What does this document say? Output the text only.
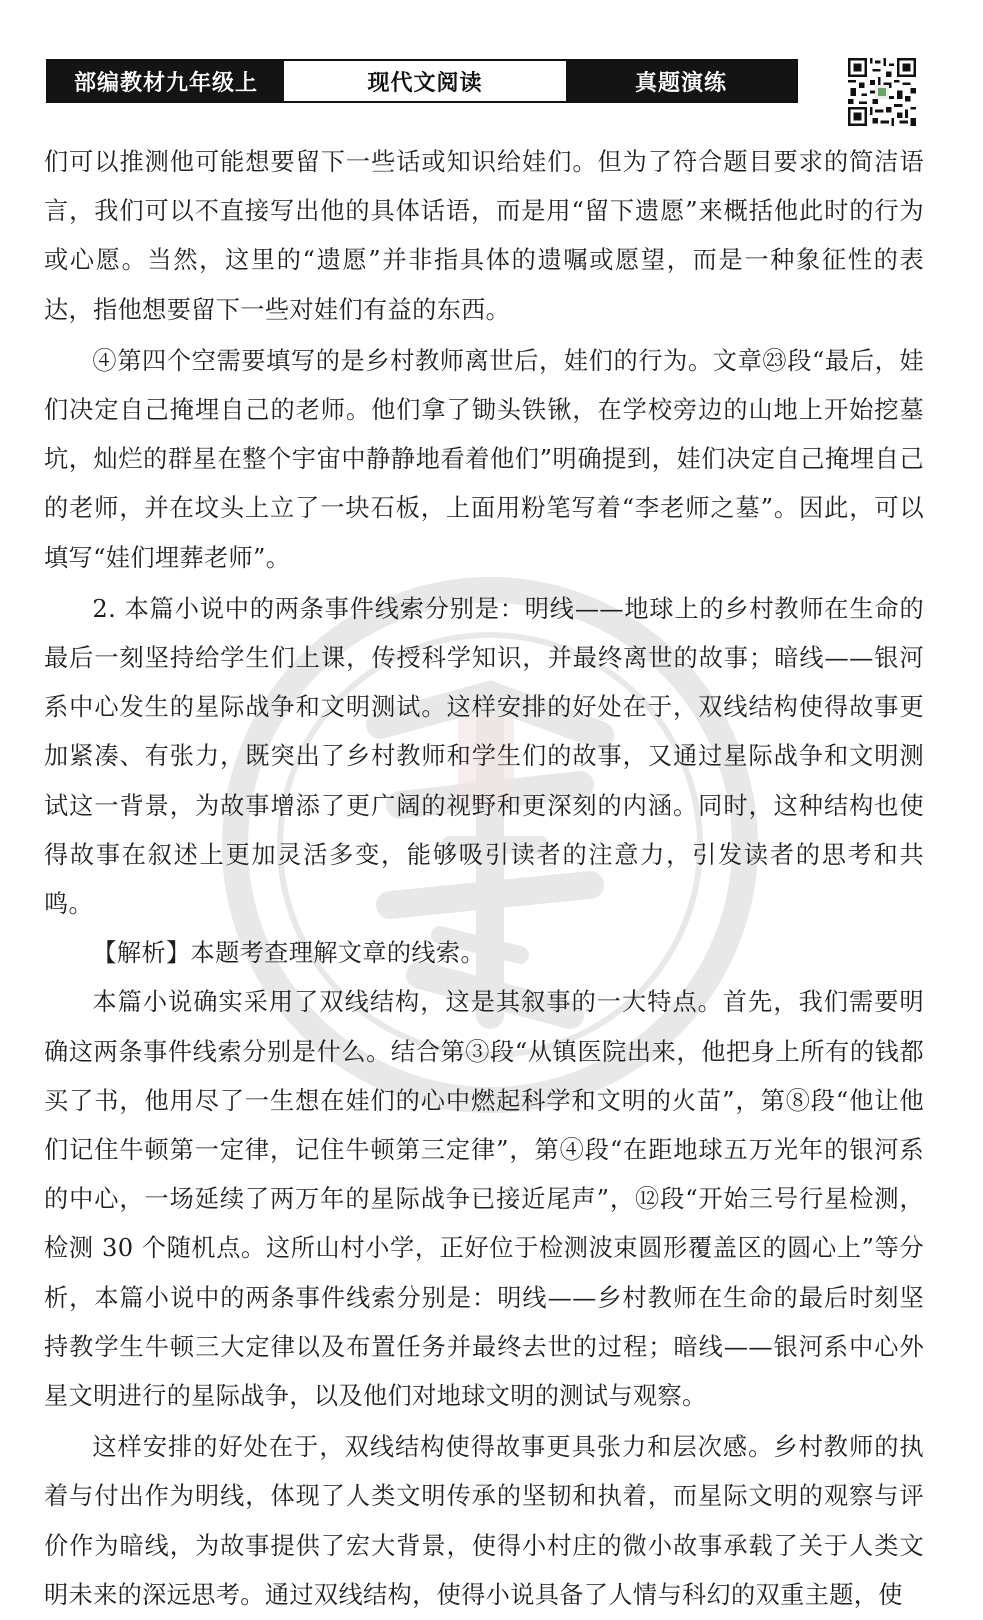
部编教材九年级上	现代文阅读	真题演练

们可以推测他可能想要留下一些话或知识给娃们。但为了符合题目要求的简洁语言，我们可以不直接写出他的具体话语，而是用“留下遗愿”来概括他此时的行为或心愿。当然，这里的“遗愿”并非指具体的遗嘱或愿望，而是一种象征性的表达，指他想要留下一些对娃们有益的东西。

④第四个空需要填写的是乡村教师离世后，娃们的行为。文章㉓段“最后，娃们决定自己掩埋自己的老师。他们拿了锄头铁锹，在学校旁边的山地上开始挖墓坑，灿烂的群星在整个宇宙中静静地看着他们”明确提到，娃们决定自己掩埋自己的老师，并在坟头上立了一块石板，上面用粉笔写着“李老师之墓”。因此，可以填写“娃们埋葬老师”。

2. 本篇小说中的两条事件线索分别是：明线——地球上的乡村教师在生命的最后一刻坚持给学生们上课，传授科学知识，并最终离世的故事；暗线——银河系中心发生的星际战争和文明测试。这样安排的好处在于，双线结构使得故事更加紧凑、有张力，既突出了乡村教师和学生们的故事，又通过星际战争和文明测试这一背景，为故事增添了更广阔的视野和更深刻的内涵。同时，这种结构也使得故事在叙述上更加灵活多变，能够吸引读者的注意力，引发读者的思考和共鸣。

【解析】本题考查理解文章的线索。

本篇小说确实采用了双线结构，这是其叙事的一大特点。首先，我们需要明确这两条事件线索分别是什么。结合第③段“从镇医院出来，他把身上所有的钱都买了书，他用尽了一生想在娃们的心中燃起科学和文明的火苗”，第⑧段“他让他们记住牛顿第一定律，记住牛顿第三定律”，第④段“在距地球五万光年的银河系的中心，一场延续了两万年的星际战争已接近尾声”，⑫段“开始三号行星检测，检测 30 个随机点。这所山村小学，正好位于检测波束圆形覆盖区的圆心上”等分析，本篇小说中的两条事件线索分别是：明线——乡村教师在生命的最后时刻坚持教学生牛顿三大定律以及布置任务并最终去世的过程；暗线——银河系中心外星文明进行的星际战争，以及他们对地球文明的测试与观察。

这样安排的好处在于，双线结构使得故事更具张力和层次感。乡村教师的执着与付出作为明线，体现了人类文明传承的坚韧和执着，而星际文明的观察与评价作为暗线，为故事提供了宏大背景，使得小村庄的微小故事承载了关于人类文明未来的深远思考。通过双线结构，使得小说具备了人情与科幻的双重主题，使
